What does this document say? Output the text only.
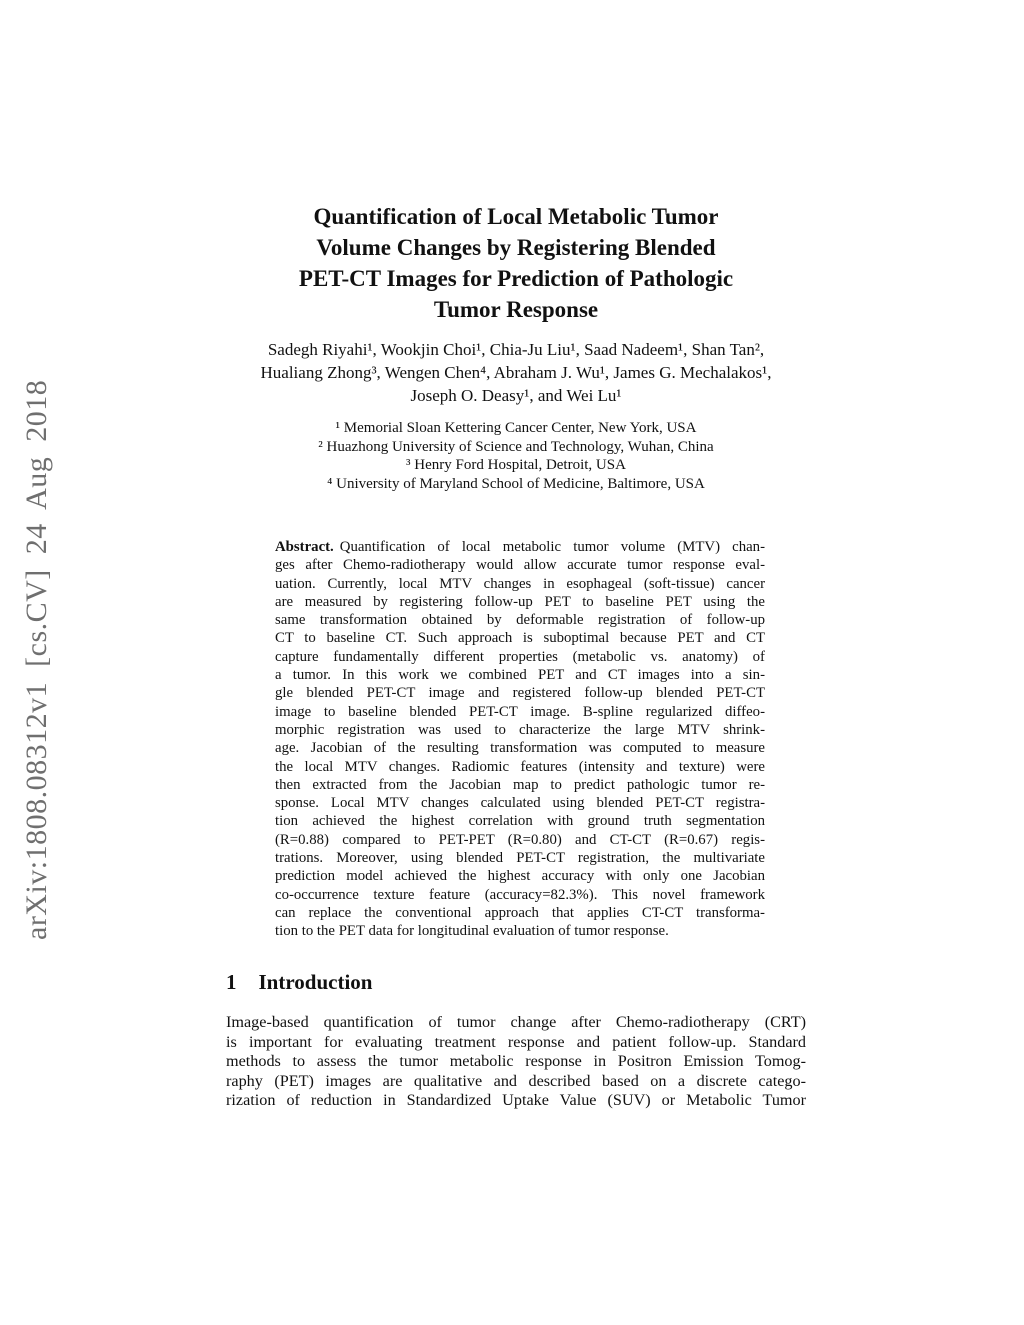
arXiv:1808.08312v1 [cs.CV] 24 Aug 2018
Quantification of Local Metabolic Tumor
Volume Changes by Registering Blended
PET-CT Images for Prediction of Pathologic
Tumor Response
Sadegh Riyahi¹, Wookjin Choi¹, Chia-Ju Liu¹, Saad Nadeem¹, Shan Tan²,
Hualiang Zhong³, Wengen Chen⁴, Abraham J. Wu¹, James G. Mechalakos¹,
Joseph O. Deasy¹, and Wei Lu¹
¹ Memorial Sloan Kettering Cancer Center, New York, USA
² Huazhong University of Science and Technology, Wuhan, China
³ Henry Ford Hospital, Detroit, USA
⁴ University of Maryland School of Medicine, Baltimore, USA
Abstract. Quantification of local metabolic tumor volume (MTV) chan-
ges after Chemo-radiotherapy would allow accurate tumor response eval-
uation. Currently, local MTV changes in esophageal (soft-tissue) cancer
are measured by registering follow-up PET to baseline PET using the
same transformation obtained by deformable registration of follow-up
CT to baseline CT. Such approach is suboptimal because PET and CT
capture fundamentally different properties (metabolic vs. anatomy) of
a tumor. In this work we combined PET and CT images into a sin-
gle blended PET-CT image and registered follow-up blended PET-CT
image to baseline blended PET-CT image. B-spline regularized diffeo-
morphic registration was used to characterize the large MTV shrink-
age. Jacobian of the resulting transformation was computed to measure
the local MTV changes. Radiomic features (intensity and texture) were
then extracted from the Jacobian map to predict pathologic tumor re-
sponse. Local MTV changes calculated using blended PET-CT registra-
tion achieved the highest correlation with ground truth segmentation
(R=0.88) compared to PET-PET (R=0.80) and CT-CT (R=0.67) regis-
trations. Moreover, using blended PET-CT registration, the multivariate
prediction model achieved the highest accuracy with only one Jacobian
co-occurrence texture feature (accuracy=82.3%). This novel framework
can replace the conventional approach that applies CT-CT transforma-
tion to the PET data for longitudinal evaluation of tumor response.
1 Introduction
Image-based quantification of tumor change after Chemo-radiotherapy (CRT)
is important for evaluating treatment response and patient follow-up. Standard
methods to assess the tumor metabolic response in Positron Emission Tomog-
raphy (PET) images are qualitative and described based on a discrete catego-
rization of reduction in Standardized Uptake Value (SUV) or Metabolic Tumor
